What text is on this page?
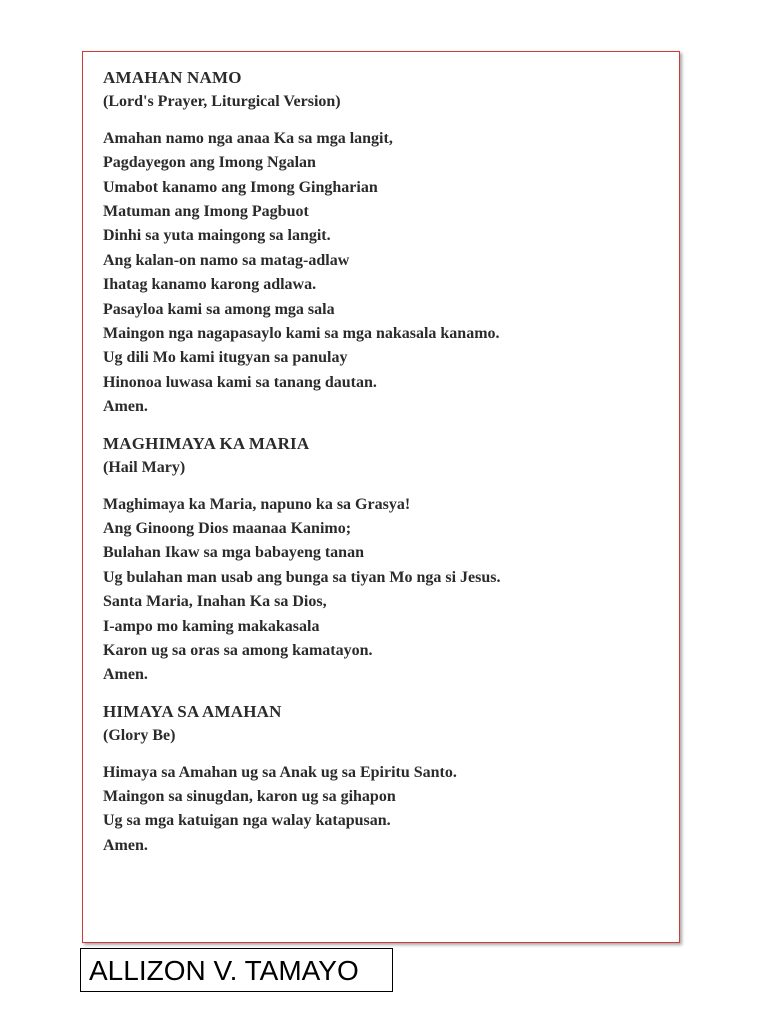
AMAHAN NAMO
(Lord's Prayer, Liturgical Version)
Amahan namo nga anaa Ka sa mga langit,
Pagdayegon ang Imong Ngalan
Umabot kanamo ang Imong Gingharian
Matuman ang Imong Pagbuot
Dinhi sa yuta maingong sa langit.
Ang kalan-on namo sa matag-adlaw
Ihatag kanamo karong adlawa.
Pasayloa kami sa among mga sala
Maingon nga nagapasaylo kami sa mga nakasala kanamo.
Ug dili Mo kami itugyan sa panulay
Hinonoa luwasa kami sa tanang dautan.
Amen.
MAGHIMAYA KA MARIA
(Hail Mary)
Maghimaya ka Maria, napuno ka sa Grasya!
Ang Ginoong Dios maanaa Kanimo;
Bulahan Ikaw sa mga babayeng tanan
Ug bulahan man usab ang bunga sa tiyan Mo nga si Jesus.
Santa Maria, Inahan Ka sa Dios,
I-ampo mo kaming makakasala
Karon ug sa oras sa among kamatayon.
Amen.
HIMAYA SA AMAHAN
(Glory Be)
Himaya sa Amahan ug sa Anak ug sa Epiritu Santo.
Maingon sa sinugdan, karon ug sa gihapon
Ug sa mga katuigan nga walay katapusan.
Amen.
ALLIZON V. TAMAYO
